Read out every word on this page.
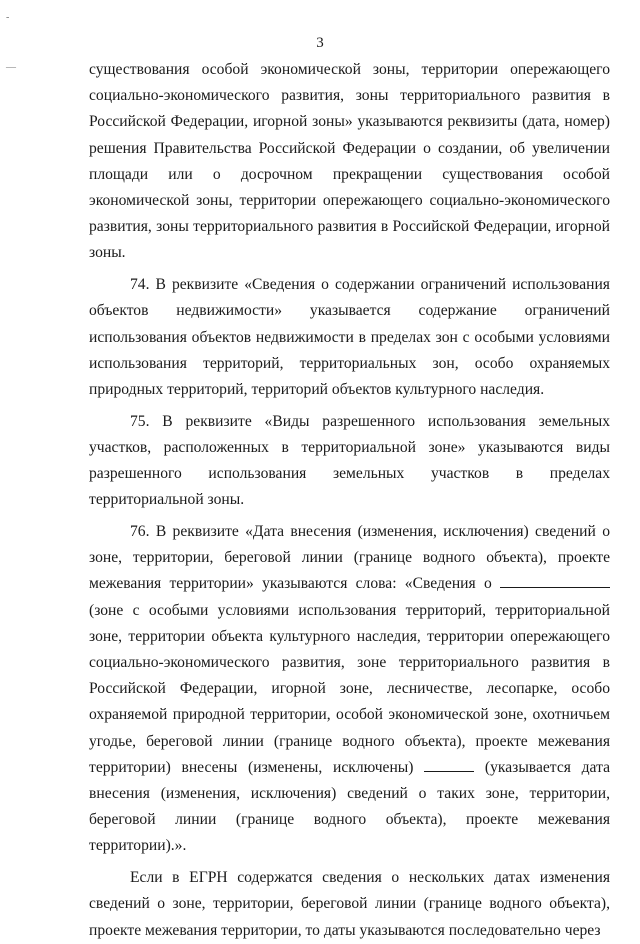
-
—
3

существования особой экономической зоны, территории опережающего социально-экономического развития, зоны территориального развития в Российской Федерации, игорной зоны» указываются реквизиты (дата, номер) решения Правительства Российской Федерации о создании, об увеличении площади или о досрочном прекращении существования особой экономической зоны, территории опережающего социально-экономического развития, зоны территориального развития в Российской Федерации, игорной зоны.

74. В реквизите «Сведения о содержании ограничений использования объектов недвижимости» указывается содержание ограничений использования объектов недвижимости в пределах зон с особыми условиями использования территорий, территориальных зон, особо охраняемых природных территорий, территорий объектов культурного наследия.

75. В реквизите «Виды разрешенного использования земельных участков, расположенных в территориальной зоне» указываются виды разрешенного использования земельных участков в пределах территориальной зоны.

76. В реквизите «Дата внесения (изменения, исключения) сведений о зоне, территории, береговой линии (границе водного объекта), проекте межевания территории» указываются слова: «Сведения о  (зоне с особыми условиями использования территорий, территориальной зоне, территории объекта культурного наследия, территории опережающего социально-экономического развития, зоне территориального развития в Российской Федерации, игорной зоне, лесничестве, лесопарке, особо охраняемой природной территории, особой экономической зоне, охотничьем угодье, береговой линии (границе водного объекта), проекте межевания территории) внесены (изменены, исключены)	(указывается дата внесения (изменения, исключения) сведений о таких зоне, территории, береговой линии (границе водного объекта), проекте межевания территории).».

Если в ЕГРН содержатся сведения о нескольких датах изменения сведений о зоне, территории, береговой линии (границе водного объекта), проекте межевания территории, то даты указываются последовательно через
